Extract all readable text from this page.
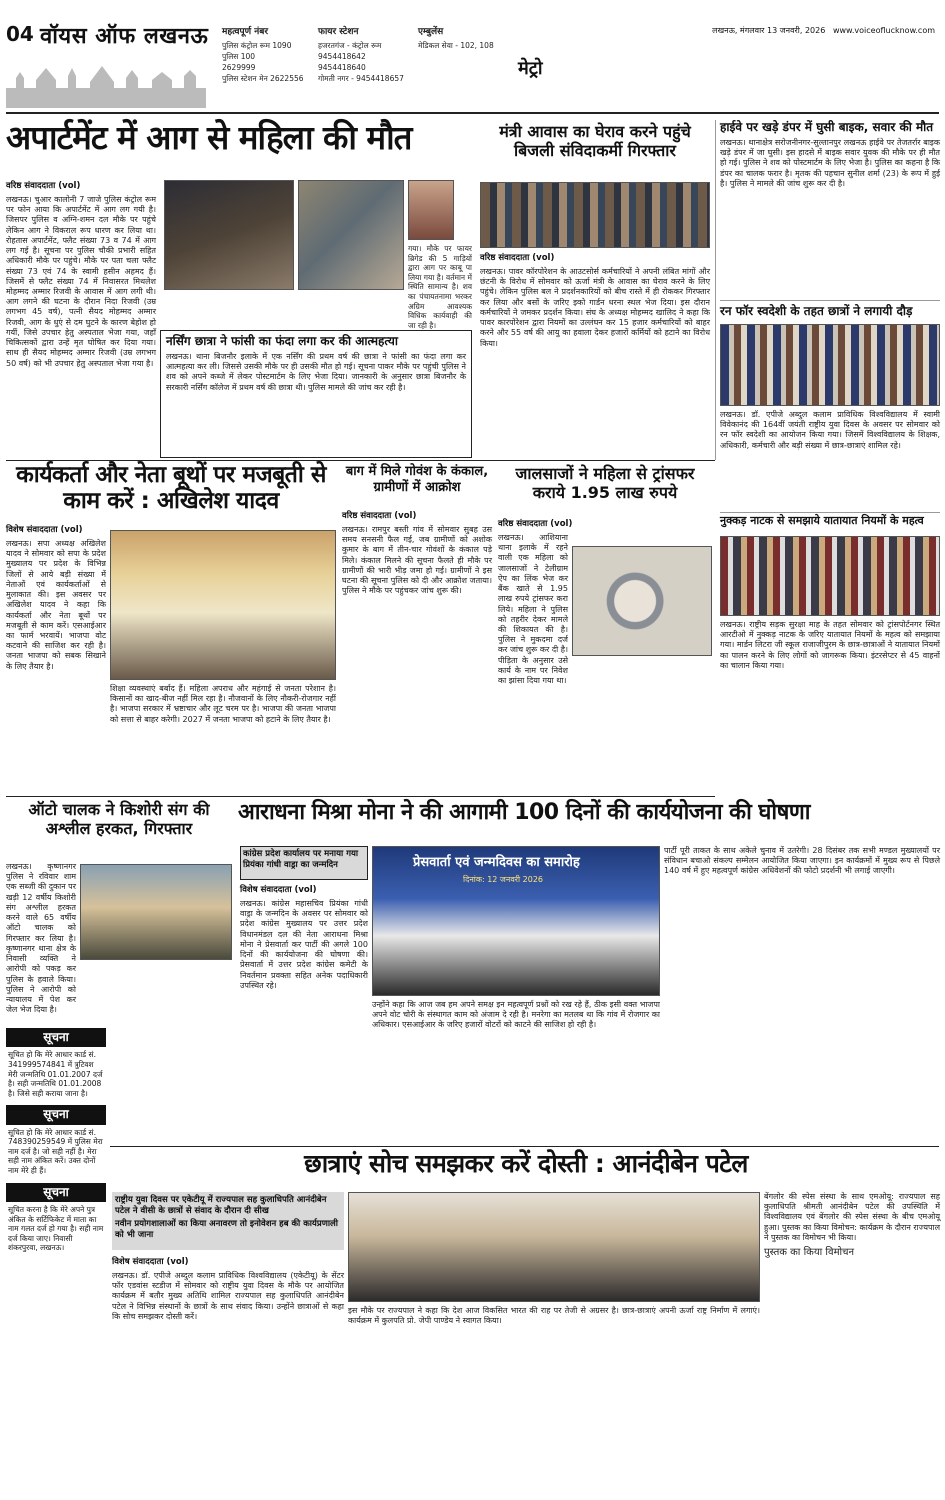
04 वॉयस ऑफ लखनऊ महत्वपूर्ण नंबर
पुलिस कंट्रोल रूम 1090
पुलिस 100
2629999
पुलिस स्टेशन मेन 2622556
फायर स्टेशन
हजरतगंज - कंट्रोल रूम
9454418642
9454418640
गोमती नगर - 9454418657
एम्बुलेंस
मेडिकल सेवा - 102, 108
मेट्रो
लखनऊ, मंगलवार 13 जनवरी, 2026 www.voiceoflucknow.com
अपार्टमेंट में आग से महिला की मौत
वरिष्ठ संवाददाता (vol)
लखनऊ। चुआर कालोनी 7 जाजे पुलिस कंट्रोल रूम पर फोन आया कि अपार्टमेंट में आग लग गयी है। जिसपर पुलिस व अग्नि-शमन दल मौके पर पहुंचे लेकिन आग ने विकराल रूप धारण कर लिया था। रोहतास अपार्टमेंट, फ्लैट संख्या 73 व 74 में आग लग गई है। सूचना पर पुलिस चौकी प्रभारी सहित अधिकारी मौके पर पहुंचे। मौके पर पता चला फ्लैट संख्या 73 एवं 74 के स्वामी हसीन अहमद हैं। जिसमें से फ्लैट संख्या 74 में निवासरत मिथलेश मोहम्मद अम्मार रिजवी के आवास में आग लगी थी। आग लगने की घटना के दौरान निदा रिजवी (उम्र लगभग 45 वर्ष), पत्नी सैयद मोहम्मद अम्मार रिजवी, आग के धुएं से दम घुटने के कारण बेहोश हो गयीं, जिसे उपचार हेतु अस्पताल भेजा गया, जहाँ चिकित्सकों द्वारा उन्हें मृत घोषित कर दिया गया। साथ ही सैयद मोहम्मद अम्मार रिजवी (उम्र लगभग 50 वर्ष) को भी उपचार हेतु अस्पताल भेजा गया है।
गया। मौके पर फायर ब्रिगेड की 5 गाड़ियों द्वारा आग पर काबू पा लिया गया है। वर्तमान में स्थिति सामान्य है। शव का पंचायतनामा भरकर अग्रिम आवश्यक विधिक कार्यवाही की जा रही है।
नर्सिंग छात्रा ने फांसी का फंदा लगा कर की आत्महत्या
लखनऊ। थाना बिजनौर इलाके में एक नर्सिंग की प्रथम वर्ष की छात्रा ने फांसी का फंदा लगा कर आत्महत्या कर ली। जिससे उसकी मौके पर ही उसकी मौत हो गई। सूचना पाकर मौके पर पहुंची पुलिस ने शव को अपने कब्जे में लेकर पोस्टमार्टम के लिए भेजा दिया। जानकारी के अनुसार छात्रा बिजनौर के सरकारी नर्सिंग कॉलेज में प्रथम वर्ष की छात्रा थी। पुलिस मामले की जांच कर रही है।
मंत्री आवास का घेराव करने पहुंचे बिजली संविदाकर्मी गिरफ्तार
वरिष्ठ संवाददाता (vol)
लखनऊ। पावर कॉरपोरेशन के आउटसोर्स कर्मचारियों ने अपनी लंबित मांगों और छंटनी के विरोध में सोमवार को ऊर्जा मंत्री के आवास का घेराव करने के लिए पहुंचे। लेकिन पुलिस बल ने प्रदर्शनकारियों को बीच रास्ते में ही रोककर गिरफ्तार कर लिया और बसों के जरिए इको गार्डन धरना स्थल भेज दिया। इस दौरान कर्मचारियों ने जमकर प्रदर्शन किया। संघ के अध्यक्ष मोहम्मद खालिद ने कहा कि पावर कारपोरेशन द्वारा नियमों का उल्लंघन कर 15 हजार कर्मचारियों को बाहर करने और 55 वर्ष की आयु का हवाला देकर हजारों कर्मियों को हटाने का विरोध किया।
हाईवे पर खड़े डंपर में घुसी बाइक, सवार की मौत
लखनऊ। थानाक्षेत्र सरोजनीनगर-सुल्तानपुर लखनऊ हाईवे पर तेजतर्रार बाइक खड़े डंपर में जा घुसी। इस हादसे में बाइक सवार युवक की मौके पर ही मौत हो गई। पुलिस ने शव को पोस्टमार्टम के लिए भेजा है। पुलिस का कहना है कि डंपर का चालक फरार है। मृतक की पहचान सुनील शर्मा (23) के रूप में हुई है। पुलिस ने मामले की जांच शुरू कर दी है।
रन फॉर स्वदेशी के तहत छात्रों ने लगायी दौड़
लखनऊ। डॉ. एपीजे अब्दुल कलाम प्राविधिक विश्वविद्यालय में स्वामी विवेकानंद की 164वीं जयंती राष्ट्रीय युवा दिवस के अवसर पर सोमवार को रन फॉर स्वदेशी का आयोजन किया गया। जिसमें विश्वविद्यालय के शिक्षक, अधिकारी, कर्मचारी और बड़ी संख्या में छात्र-छात्राएं शामिल रहे।
नुक्कड़ नाटक से समझाये यातायात नियमों के महत्व
लखनऊ। राष्ट्रीय सड़क सुरक्षा माह के तहत सोमवार को ट्रांसपोर्टनगर स्थित आरटीओ में नुक्कड़ नाटक के जरिए यातायात नियमों के महत्व को समझाया गया। मार्डन लिटरा जी स्कूल राजाजीपुरम के छात्र-छात्राओं ने यातायात नियमों का पालन करने के लिए लोगों को जागरूक किया। इंटरसेप्टर से 45 वाहनों का चालान किया गया।
कार्यकर्ता और नेता बूथों पर मजबूती से काम करें : अखिलेश यादव
विशेष संवाददाता (vol)
लखनऊ। सपा अध्यक्ष अखिलेश यादव ने सोमवार को सपा के प्रदेश मुख्यालय पर प्रदेश के विभिन्न जिलों से आये बड़ी संख्या में नेताओं एवं कार्यकर्ताओं से मुलाकात की। इस अवसर पर अखिलेश यादव ने कहा कि कार्यकर्ता और नेता बूथों पर मजबूती से काम करें। एसआईआर का फार्म भरवायें। भाजपा वोट कटवाने की साजिश कर रही है। जनता भाजपा को सबक सिखाने के लिए तैयार है।
शिक्षा व्यवस्थाएं बर्बाद हैं। महिला अपराध और महंगाई से जनता परेशान है। किसानों का खाद-बीज नहीं मिल रहा है। नौजवानों के लिए नौकरी-रोजगार नहीं है। भाजपा सरकार में भ्रष्टाचार और लूट चरम पर है। भाजपा की जनता भाजपा को सत्ता से बाहर करेगी। 2027 में जनता भाजपा को हटाने के लिए तैयार है।
बाग में मिले गोवंश के कंकाल, ग्रामीणों में आक्रोश
वरिष्ठ संवाददाता (vol)
लखनऊ। रामपुर बस्ती गांव में सोमवार सुबह उस समय सनसनी फैल गई, जब ग्रामीणों को अशोक कुमार के बाग में तीन-चार गोवंशों के कंकाल पड़े मिले। कंकाल मिलने की सूचना फैलते ही मौके पर ग्रामीणों की भारी भीड़ जमा हो गई। ग्रामीणों ने इस घटना की सूचना पुलिस को दी और आक्रोश जताया। पुलिस ने मौके पर पहुंचकर जांच शुरू की।
जालसाजों ने महिला से ट्रांसफर कराये 1.95 लाख रुपये
वरिष्ठ संवाददाता (vol)
लखनऊ। आशियाना थाना इलाके में रहने वाली एक महिला को जालसाजों ने टेलीग्राम ऐप का लिंक भेज कर बैंक खाते से 1.95 लाख रुपये ट्रांसफर करा लिये। महिला ने पुलिस को तहरीर देकर मामले की शिकायत की है। पुलिस ने मुकदमा दर्ज कर जांच शुरू कर दी है। पीड़िता के अनुसार उसे कार्य के नाम पर निवेश का झांसा दिया गया था।
ऑटो चालक ने किशोरी संग की अश्लील हरकत, गिरफ्तार
लखनऊ। कृष्णानगर पुलिस ने रविवार शाम एक सब्जी की दुकान पर खड़ी 12 वर्षीय किशोरी संग अश्लील हरकत करने वाले 65 वर्षीय ऑटो चालक को गिरफ्तार कर लिया है। कृष्णानगर थाना क्षेत्र के निवासी व्यक्ति ने आरोपी को पकड़ कर पुलिस के हवाले किया। पुलिस ने आरोपी को न्यायालय में पेश कर जेल भेज दिया है।
सूचना
सूचित हो कि मेरे आधार कार्ड सं. 341999574841 में त्रुटिवश मेरी जन्मतिथि 01.01.2007 दर्ज है। सही जन्मतिथि 01.01.2008 है। जिसे सही कराया जाना है।
सूचना
सूचित हो कि मेरे आधार कार्ड सं. 748390259549 में पुलिस मेरा नाम दर्ज है। जो सही नहीं है। मेरा सही नाम अंकित करें। उक्त दोनों नाम मेरे ही हैं।
सूचना
सूचित करना है कि मेरे अपने पुत्र अंकित के सर्टिफिकेट में माता का नाम गलत दर्ज हो गया है। सही नाम दर्ज किया जाए। निवासी शंकरपुरवा, लखनऊ।
आराधना मिश्रा मोना ने की आगामी 100 दिनों की कार्ययोजना की घोषणा
कांग्रेस प्रदेश कार्यालय पर मनाया गया प्रियंका गांधी वाड्रा का जन्मदिन
विशेष संवाददाता (vol)
लखनऊ। कांग्रेस महासचिव प्रियंका गांधी वाड्रा के जन्मदिन के अवसर पर सोमवार को प्रदेश कांग्रेस मुख्यालय पर उत्तर प्रदेश विधानमंडल दल की नेता आराधना मिश्रा मोना ने प्रेसवार्ता कर पार्टी की अगले 100 दिनों की कार्ययोजना की घोषणा की। प्रेसवार्ता में उत्तर प्रदेश कांग्रेस कमेटी के निवर्तमान प्रवक्ता सहित अनेक पदाधिकारी उपस्थित रहे।
प्रेसवार्ता एवं जन्मदिवस का समारोह
दिनांक: 12 जनवरी 2026
उन्होंने कहा कि आज जब हम अपने समक्ष इन महत्वपूर्ण प्रश्नों को रख रहे हैं, ठीक इसी वक्त भाजपा अपने वोट चोरी के संस्थागत काम को अंजाम दे रही है। मनरेगा का मतलब था कि गांव में रोजगार का अधिकार। एसआईआर के जरिए हजारों वोटरों को काटने की साजिश हो रही है।
पार्टी पूरी ताकत के साथ अकेले चुनाव में उतरेगी। 28 दिसंबर तक सभी मण्डल मुख्यालयों पर संविधान बचाओ संकल्प सम्मेलन आयोजित किया जाएगा। इन कार्यक्रमों में मुख्य रूप से पिछले 140 वर्ष में हुए महत्वपूर्ण कांग्रेस अधिवेशनों की फोटो प्रदर्शनी भी लगाई जाएगी।
छात्राएं सोच समझकर करें दोस्ती : आनंदीबेन पटेल
राष्ट्रीय युवा दिवस पर एकेटीयू में राज्यपाल सह कुलाधिपति आनंदीबेन पटेल ने वीसी के छात्रों से संवाद के दौरान दी सीख
नवीन प्रयोगशालाओं का किया अनावरण तो इनोवेशन हब की कार्यप्रणाली को भी जाना
विशेष संवाददाता (vol)
लखनऊ। डॉ. एपीजे अब्दुल कलाम प्राविधिक विश्वविद्यालय (एकेटीयू) के सेंटर फॉर एडवांस स्टडीज में सोमवार को राष्ट्रीय युवा दिवस के मौके पर आयोजित कार्यक्रम में बतौर मुख्य अतिथि शामिल राज्यपाल सह कुलाधिपति आनंदीबेन पटेल ने विभिन्न संस्थानों के छात्रों के साथ संवाद किया। उन्होंने छात्राओं से कहा कि सोच समझकर दोस्ती करें।
इस मौके पर राज्यपाल ने कहा कि देश आज विकसित भारत की राह पर तेजी से अग्रसर है। छात्र-छात्राएं अपनी ऊर्जा राष्ट्र निर्माण में लगाएं। कार्यक्रम में कुलपति प्रो. जेपी पाण्डेय ने स्वागत किया।
बेंगलोर की स्पेस संस्था के साथ एमओयू: राज्यपाल सह कुलाधिपति श्रीमती आनंदीबेन पटेल की उपस्थिति में विश्वविद्यालय एवं बेंगलोर की स्पेस संस्था के बीच एमओयू हुआ। पुस्तक का किया विमोचन: कार्यक्रम के दौरान राज्यपाल ने पुस्तक का विमोचन भी किया।
पुस्तक का किया विमोचन
